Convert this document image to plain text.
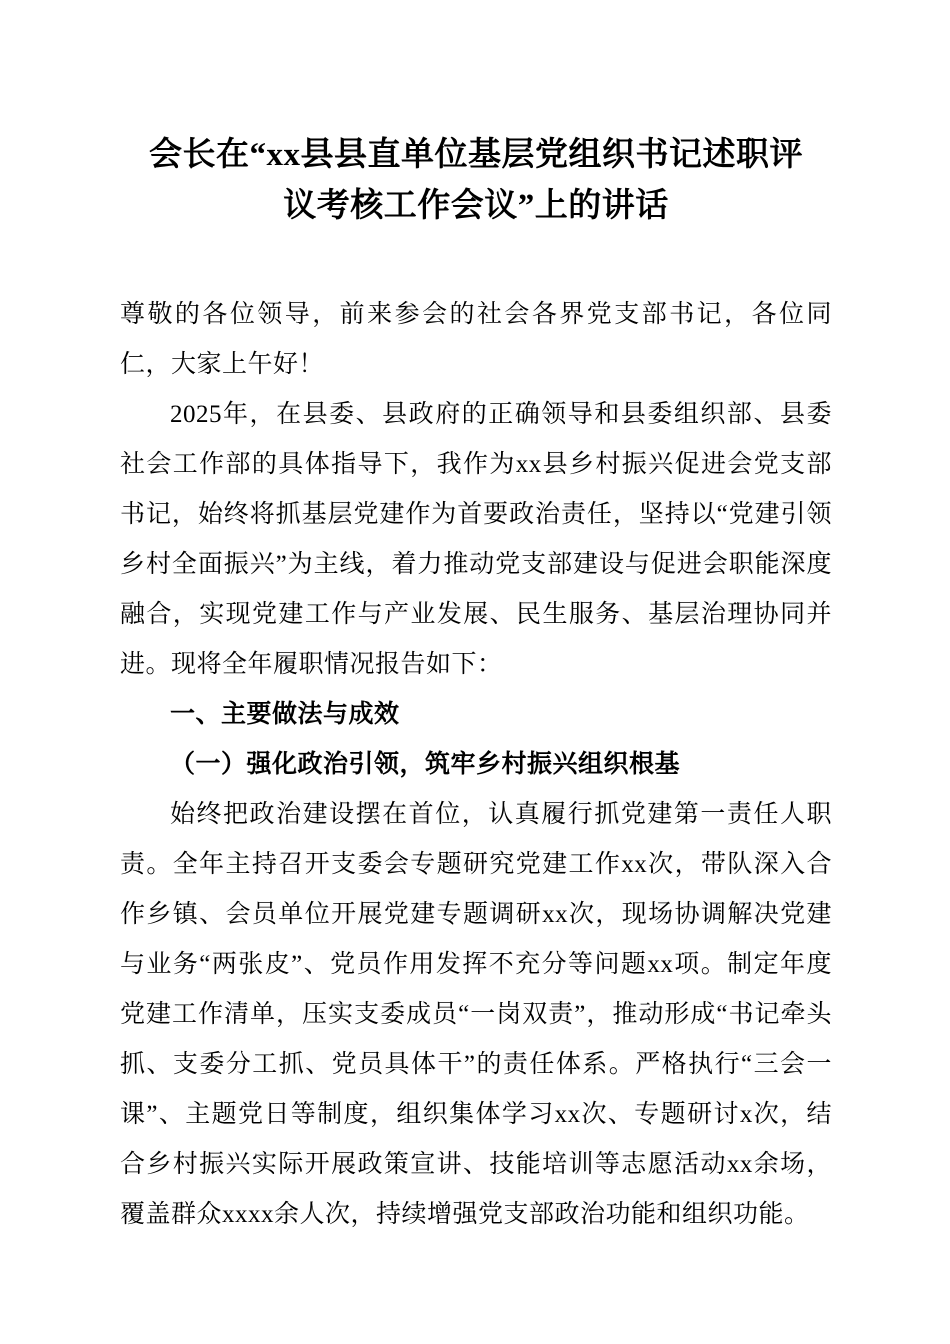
会长在“xx县县直单位基层党组织书记述职评议考核工作会议”上的讲话

尊敬的各位领导，前来参会的社会各界党支部书记，各位同仁，大家上午好！

2025年，在县委、县政府的正确领导和县委组织部、县委社会工作部的具体指导下，我作为xx县乡村振兴促进会党支部书记，始终将抓基层党建作为首要政治责任，坚持以“党建引领乡村全面振兴”为主线，着力推动党支部建设与促进会职能深度融合，实现党建工作与产业发展、民生服务、基层治理协同并进。现将全年履职情况报告如下：

一、主要做法与成效

（一）强化政治引领，筑牢乡村振兴组织根基

始终把政治建设摆在首位，认真履行抓党建第一责任人职责。全年主持召开支委会专题研究党建工作xx次，带队深入合作乡镇、会员单位开展党建专题调研xx次，现场协调解决党建与业务“两张皮”、党员作用发挥不充分等问题xx项。制定年度党建工作清单，压实支委成员“一岗双责”，推动形成“书记牵头抓、支委分工抓、党员具体干”的责任体系。严格执行“三会一课”、主题党日等制度，组织集体学习xx次、专题研讨x次，结合乡村振兴实际开展政策宣讲、技能培训等志愿活动xx余场，覆盖群众xxxx余人次，持续增强党支部政治功能和组织功能。
